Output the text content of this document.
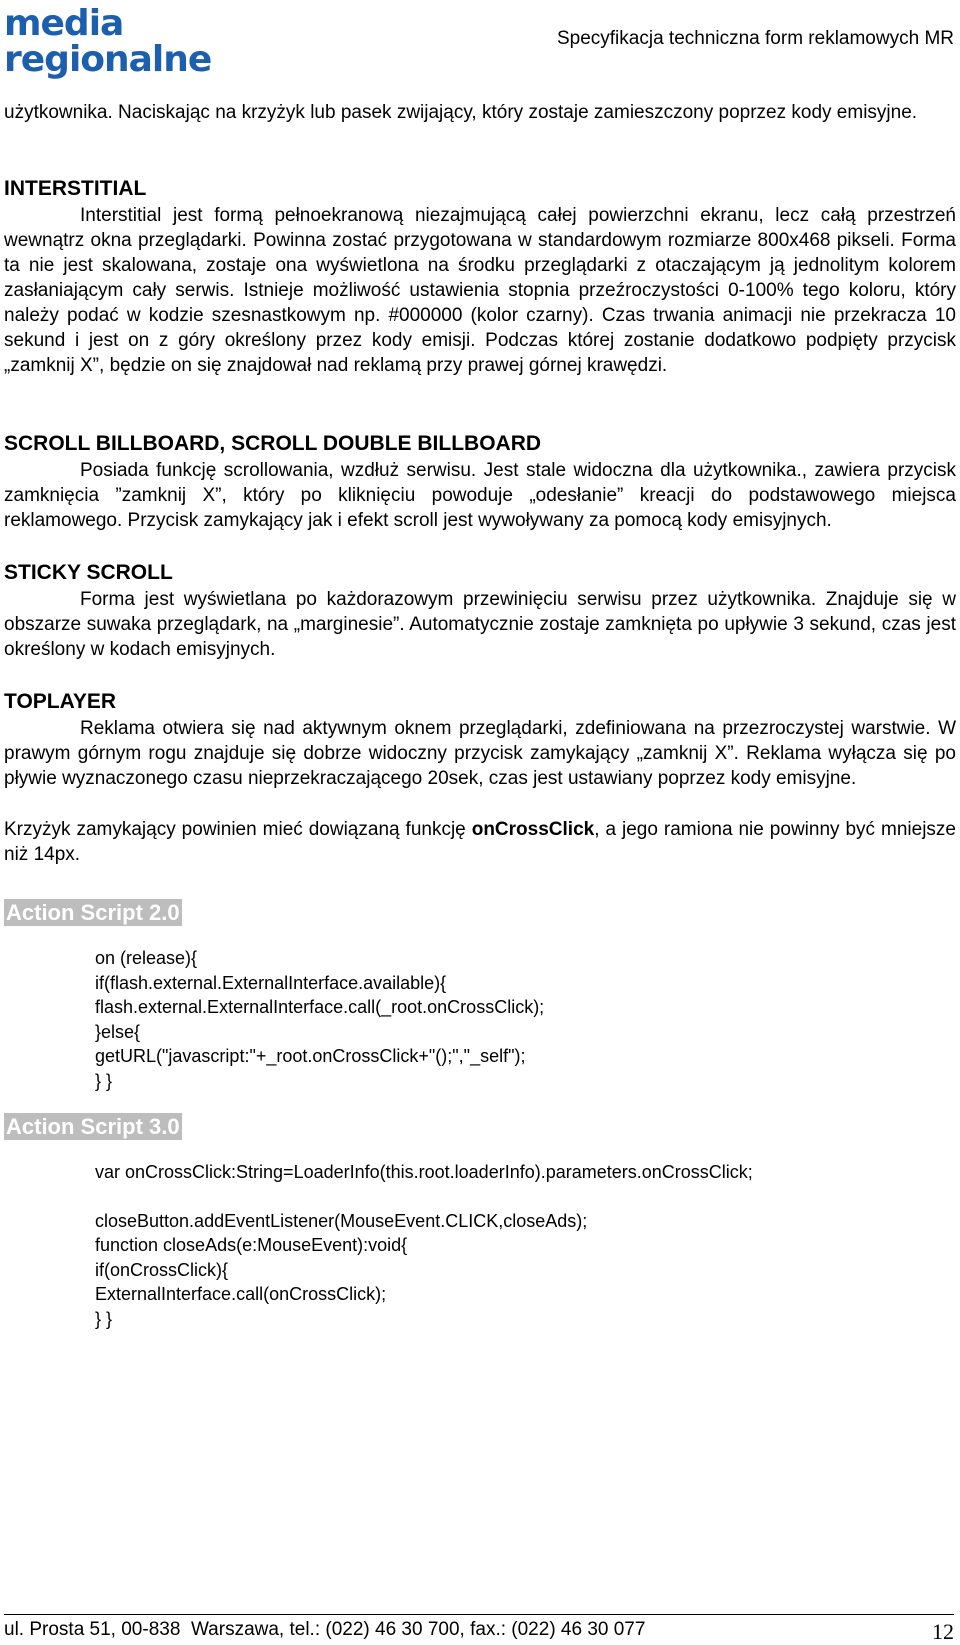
media
regionalne
Specyfikacja techniczna form reklamowych MR

użytkownika. Naciskając na krzyżyk lub pasek zwijający, który zostaje zamieszczony poprzez kody emisyjne.

INTERSTITIAL

Interstitial jest formą pełnoekranową niezajmującą całej powierzchni ekranu, lecz całą przestrzeń wewnątrz okna przeglądarki. Powinna zostać przygotowana w standardowym rozmiarze 800x468 pikseli. Forma ta nie jest skalowana, zostaje ona wyświetlona na środku przeglądarki z otaczającym ją jednolitym kolorem zasłaniającym cały serwis. Istnieje możliwość ustawienia stopnia przeźroczystości 0-100% tego koloru, który należy podać w kodzie szesnastkowym np. #000000 (kolor czarny). Czas trwania animacji nie przekracza 10 sekund i jest on z góry określony przez kody emisji. Podczas której zostanie dodatkowo podpięty przycisk „zamknij X”, będzie on się znajdował nad reklamą przy prawej górnej krawędzi.

SCROLL BILLBOARD, SCROLL DOUBLE BILLBOARD

Posiada funkcję scrollowania, wzdłuż serwisu. Jest stale widoczna dla użytkownika., zawiera przycisk zamknięcia ”zamknij X”, który po kliknięciu powoduje „odesłanie” kreacji do podstawowego miejsca reklamowego. Przycisk zamykający jak i efekt scroll jest wywoływany za pomocą kody emisyjnych.

STICKY SCROLL

Forma jest wyświetlana po każdorazowym przewinięciu serwisu przez użytkownika. Znajduje się w obszarze suwaka przeglądark, na „marginesie”. Automatycznie zostaje zamknięta po upływie 3 sekund, czas jest określony w kodach emisyjnych.

TOPLAYER

Reklama otwiera się nad aktywnym oknem przeglądarki, zdefiniowana na przezroczystej warstwie. W prawym górnym rogu znajduje się dobrze widoczny przycisk zamykający „zamknij X”. Reklama wyłącza się po pływie wyznaczonego czasu nieprzekraczającego 20sek, czas jest ustawiany poprzez kody emisyjne.

Krzyżyk zamykający powinien mieć dowiązaną funkcję onCrossClick, a jego ramiona nie powinny być mniejsze niż 14px.

Action Script 2.0
on (release){
if(flash.external.ExternalInterface.available){
flash.external.ExternalInterface.call(_root.onCrossClick);
}else{
getURL("javascript:"+_root.onCrossClick+"();","_self");
} }
Action Script 3.0
var onCrossClick:String=LoaderInfo(this.root.loaderInfo).parameters.onCrossClick;
closeButton.addEventListener(MouseEvent.CLICK,closeAds);
function closeAds(e:MouseEvent):void{
if(onCrossClick){
ExternalInterface.call(onCrossClick);
} }
ul. Prosta 51, 00-838  Warszawa, tel.: (022) 46 30 700, fax.: (022) 46 30 077	12
